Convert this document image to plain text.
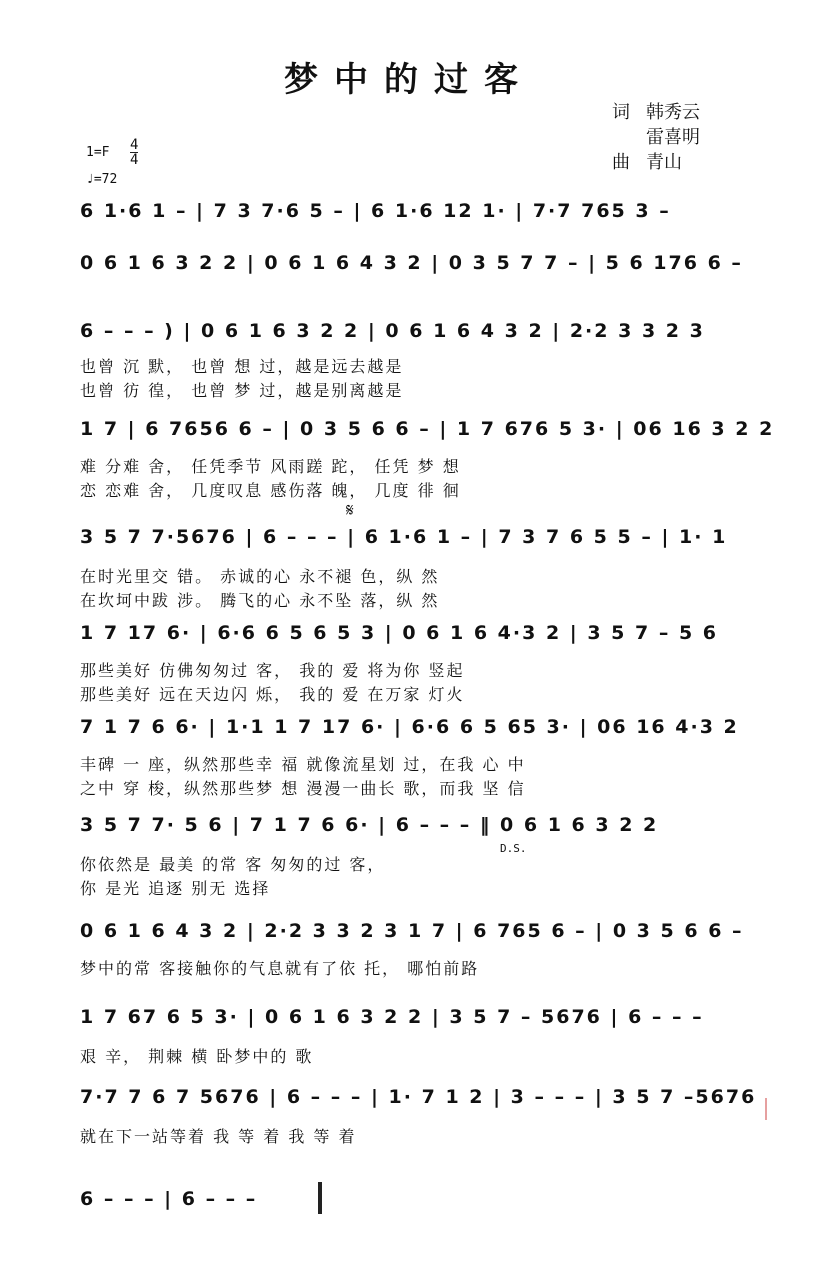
梦中的过客
词 韩秀云
雷喜明
曲 青山
1=F 4
4
♩=72
6 1·6 1 – | 7 3 7·6 5 – | 6 1·6 12 1· | 7·7 765 3 –
0 6 1 6 3 2 2 | 0 6 1 6 4 3 2 | 0 3 5 7 7 – | 5 6 176 6 –
6 – – – ) | 0 6 1 6 3 2 2 | 0 6 1 6 4 3 2 | 2·2 3 3 2 3
也曾 沉 默， 也曾 想 过，越是远去越是
也曾 彷 徨， 也曾 梦 过，越是别离越是
1 7 | 6 7656 6 – | 0 3 5 6 6 – | 1 7 676 5 3· | 06 16 3 2 2
难 分难 舍， 任凭季节 风雨蹉 跎， 任凭 梦 想
恋 恋难 舍， 几度叹息 感伤落 魄， 几度 徘 徊
𝄋
3 5 7 7·5676 | 6 – – – | 6 1·6 1 – | 7 3 7 6 5 5 – | 1· 1
在时光里交 错。 赤诚的心 永不褪 色，纵 然
在坎坷中跋 涉。 腾飞的心 永不坠 落，纵 然
1 7 17 6· | 6·6 6 5 6 5 3 | 0 6 1 6 4·3 2 | 3 5 7 – 5 6
那些美好 仿佛匆匆过 客， 我的 爱 将为你 竖起
那些美好 远在天边闪 烁， 我的 爱 在万家 灯火
7 1 7 6 6· | 1·1 1 7 17 6· | 6·6 6 5 65 3· | 06 16 4·3 2
丰碑 一 座，纵然那些幸 福 就像流星划 过，在我 心 中
之中 穿 梭，纵然那些梦 想 漫漫一曲长 歌，而我 坚 信
3 5 7 7· 5 6 | 7 1 7 6 6· | 6 – – – ‖ 0 6 1 6 3 2 2
D.S.
你依然是 最美 的常 客 匆匆的过 客，
你 是光 追逐 别无 选择
0 6 1 6 4 3 2 | 2·2 3 3 2 3 1 7 | 6 765 6 – | 0 3 5 6 6 –
梦中的常 客接触你的气息就有了依 托， 哪怕前路
1 7 67 6 5 3· | 0 6 1 6 3 2 2 | 3 5 7 – 5676 | 6 – – –
艰 辛， 荆棘 横 卧梦中的 歌
7·7 7 6 7 5676 | 6 – – – | 1· 7 1 2 | 3 – – – | 3 5 7 –5676
就在下一站等着 我 等 着 我 等 着
6 – – – | 6 – – –
